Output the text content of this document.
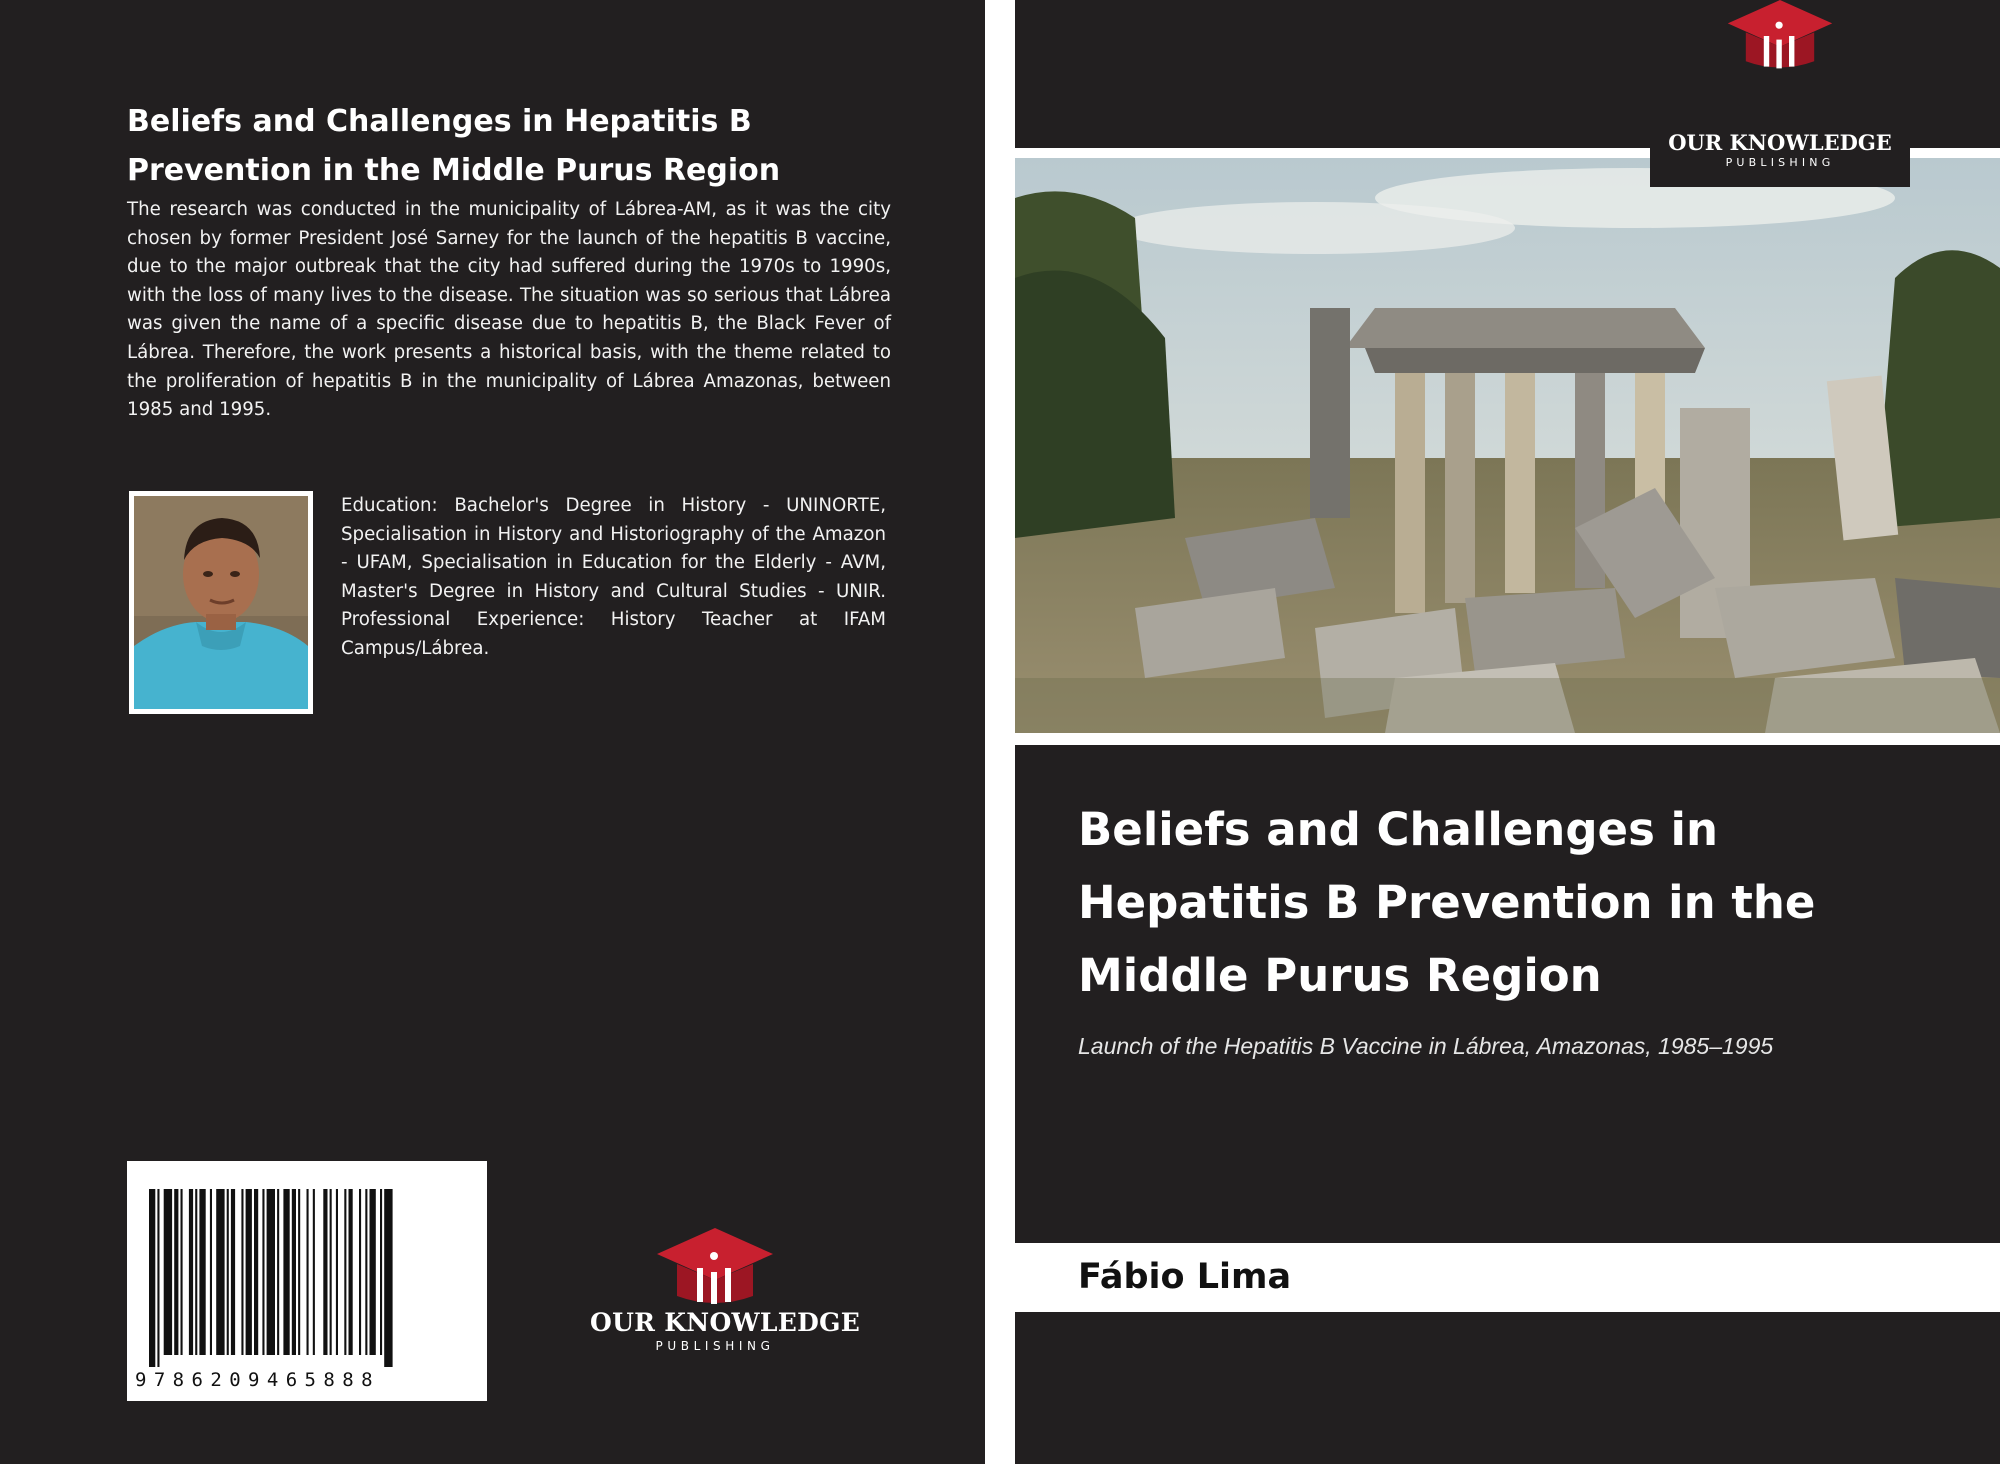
Beliefs and Challenges in Hepatitis B Prevention in the Middle Purus Region

The research was conducted in the municipality of Lábrea-AM, as it was the city chosen by former President José Sarney for the launch of the hepatitis B vaccine, due to the major outbreak that the city had suffered during the 1970s to 1990s, with the loss of many lives to the disease. The situation was so serious that Lábrea was given the name of a specific disease due to hepatitis B, the Black Fever of Lábrea. Therefore, the work presents a historical basis, with the theme related to the proliferation of hepatitis B in the municipality of Lábrea Amazonas, between 1985 and 1995.

Education: Bachelor's Degree in History - UNINORTE, Specialisation in History and Historiography of the Amazon - UFAM, Specialisation in Education for the Elderly - AVM, Master's Degree in History and Cultural Studies - UNIR. Professional Experience: History Teacher at IFAM Campus/Lábrea.

9786209465888
OUR KNOWLEDGE
PUBLISHING
OUR KNOWLEDGE
PUBLISHING
Beliefs and Challenges in Hepatitis B Prevention in the Middle Purus Region

Launch of the Hepatitis B Vaccine in Lábrea, Amazonas, 1985–1995

Fábio Lima
